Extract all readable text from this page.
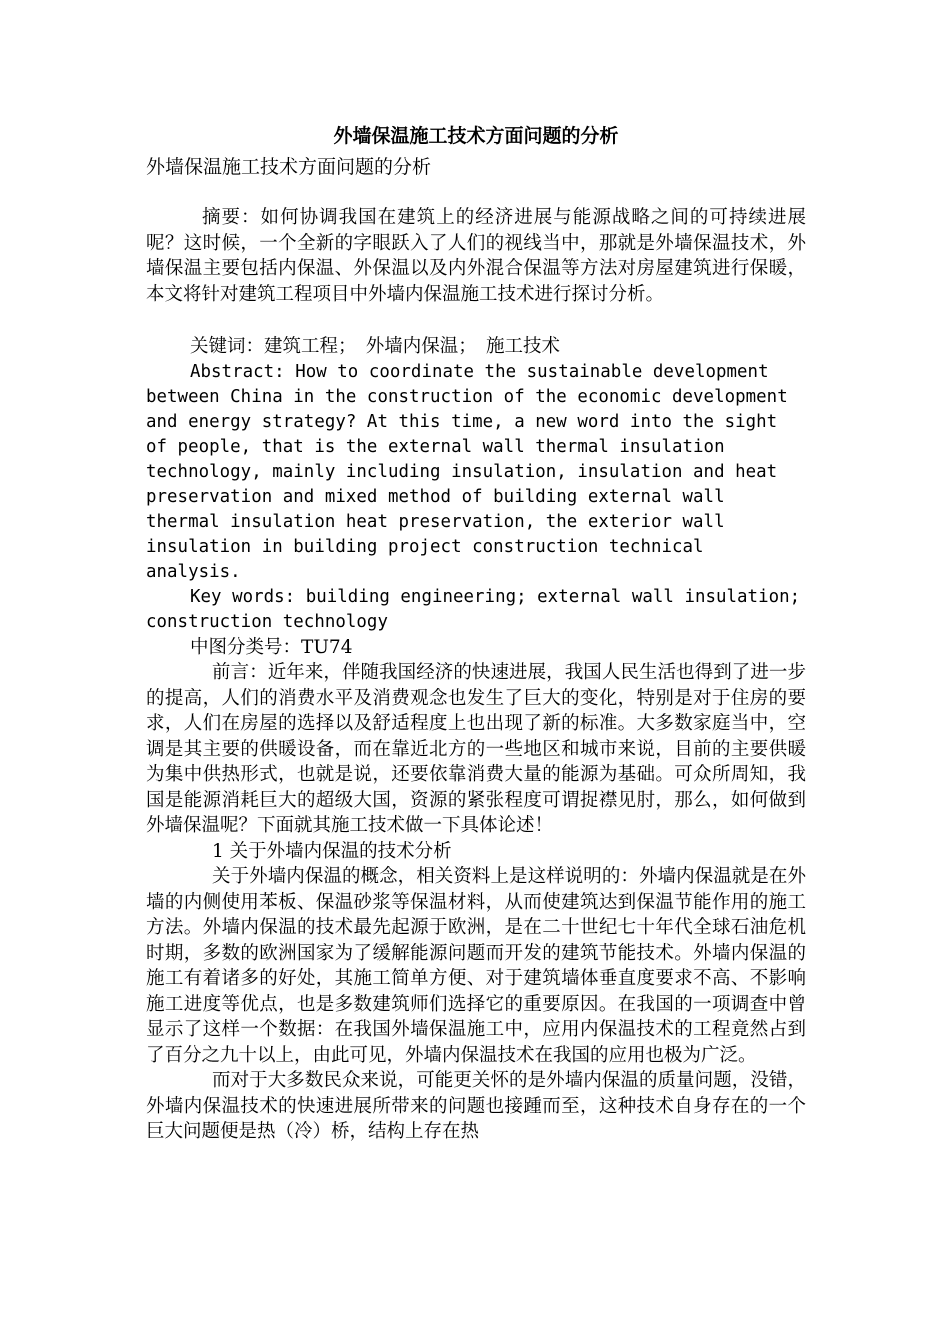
外墙保温施工技术方面问题的分析

外墙保温施工技术方面问题的分析

摘要：如何协调我国在建筑上的经济进展与能源战略之间的可持续进展呢？这时候，一个全新的字眼跃入了人们的视线当中，那就是外墙保温技术，外墙保温主要包括内保温、外保温以及内外混合保温等方法对房屋建筑进行保暖，本文将针对建筑工程项目中外墙内保温施工技术进行探讨分析。

关键词：建筑工程；　外墙内保温；　施工技术

Abstract: How to coordinate the sustainable development between China in the construction of the economic development and energy strategy? At this time, a new word into the sight of people, that is the external wall thermal insulation technology, mainly including insulation, insulation and heat preservation and mixed method of building external wall thermal insulation heat preservation, the exterior wall insulation in building project construction technical analysis.

Key words: building engineering; external wall insulation; construction technology

中图分类号：TU74

前言：近年来，伴随我国经济的快速进展，我国人民生活也得到了进一步的提高，人们的消费水平及消费观念也发生了巨大的变化，特别是对于住房的要求，人们在房屋的选择以及舒适程度上也出现了新的标准。大多数家庭当中，空调是其主要的供暖设备，而在靠近北方的一些地区和城市来说，目前的主要供暖为集中供热形式，也就是说，还要依靠消费大量的能源为基础。可众所周知，我国是能源消耗巨大的超级大国，资源的紧张程度可谓捉襟见肘，那么，如何做到外墙保温呢？下面就其施工技术做一下具体论述！

1 关于外墙内保温的技术分析

关于外墙内保温的概念，相关资料上是这样说明的：外墙内保温就是在外墙的内侧使用苯板、保温砂浆等保温材料，从而使建筑达到保温节能作用的施工方法。外墙内保温的技术最先起源于欧洲，是在二十世纪七十年代全球石油危机时期，多数的欧洲国家为了缓解能源问题而开发的建筑节能技术。外墙内保温的施工有着诸多的好处，其施工简单方便、对于建筑墙体垂直度要求不高、不影响施工进度等优点，也是多数建筑师们选择它的重要原因。在我国的一项调查中曾显示了这样一个数据：在我国外墙保温施工中，应用内保温技术的工程竟然占到了百分之九十以上，由此可见，外墙内保温技术在我国的应用也极为广泛。

而对于大多数民众来说，可能更关怀的是外墙内保温的质量问题，没错，外墙内保温技术的快速进展所带来的问题也接踵而至，这种技术自身存在的一个巨大问题便是热（冷）桥，结构上存在热
